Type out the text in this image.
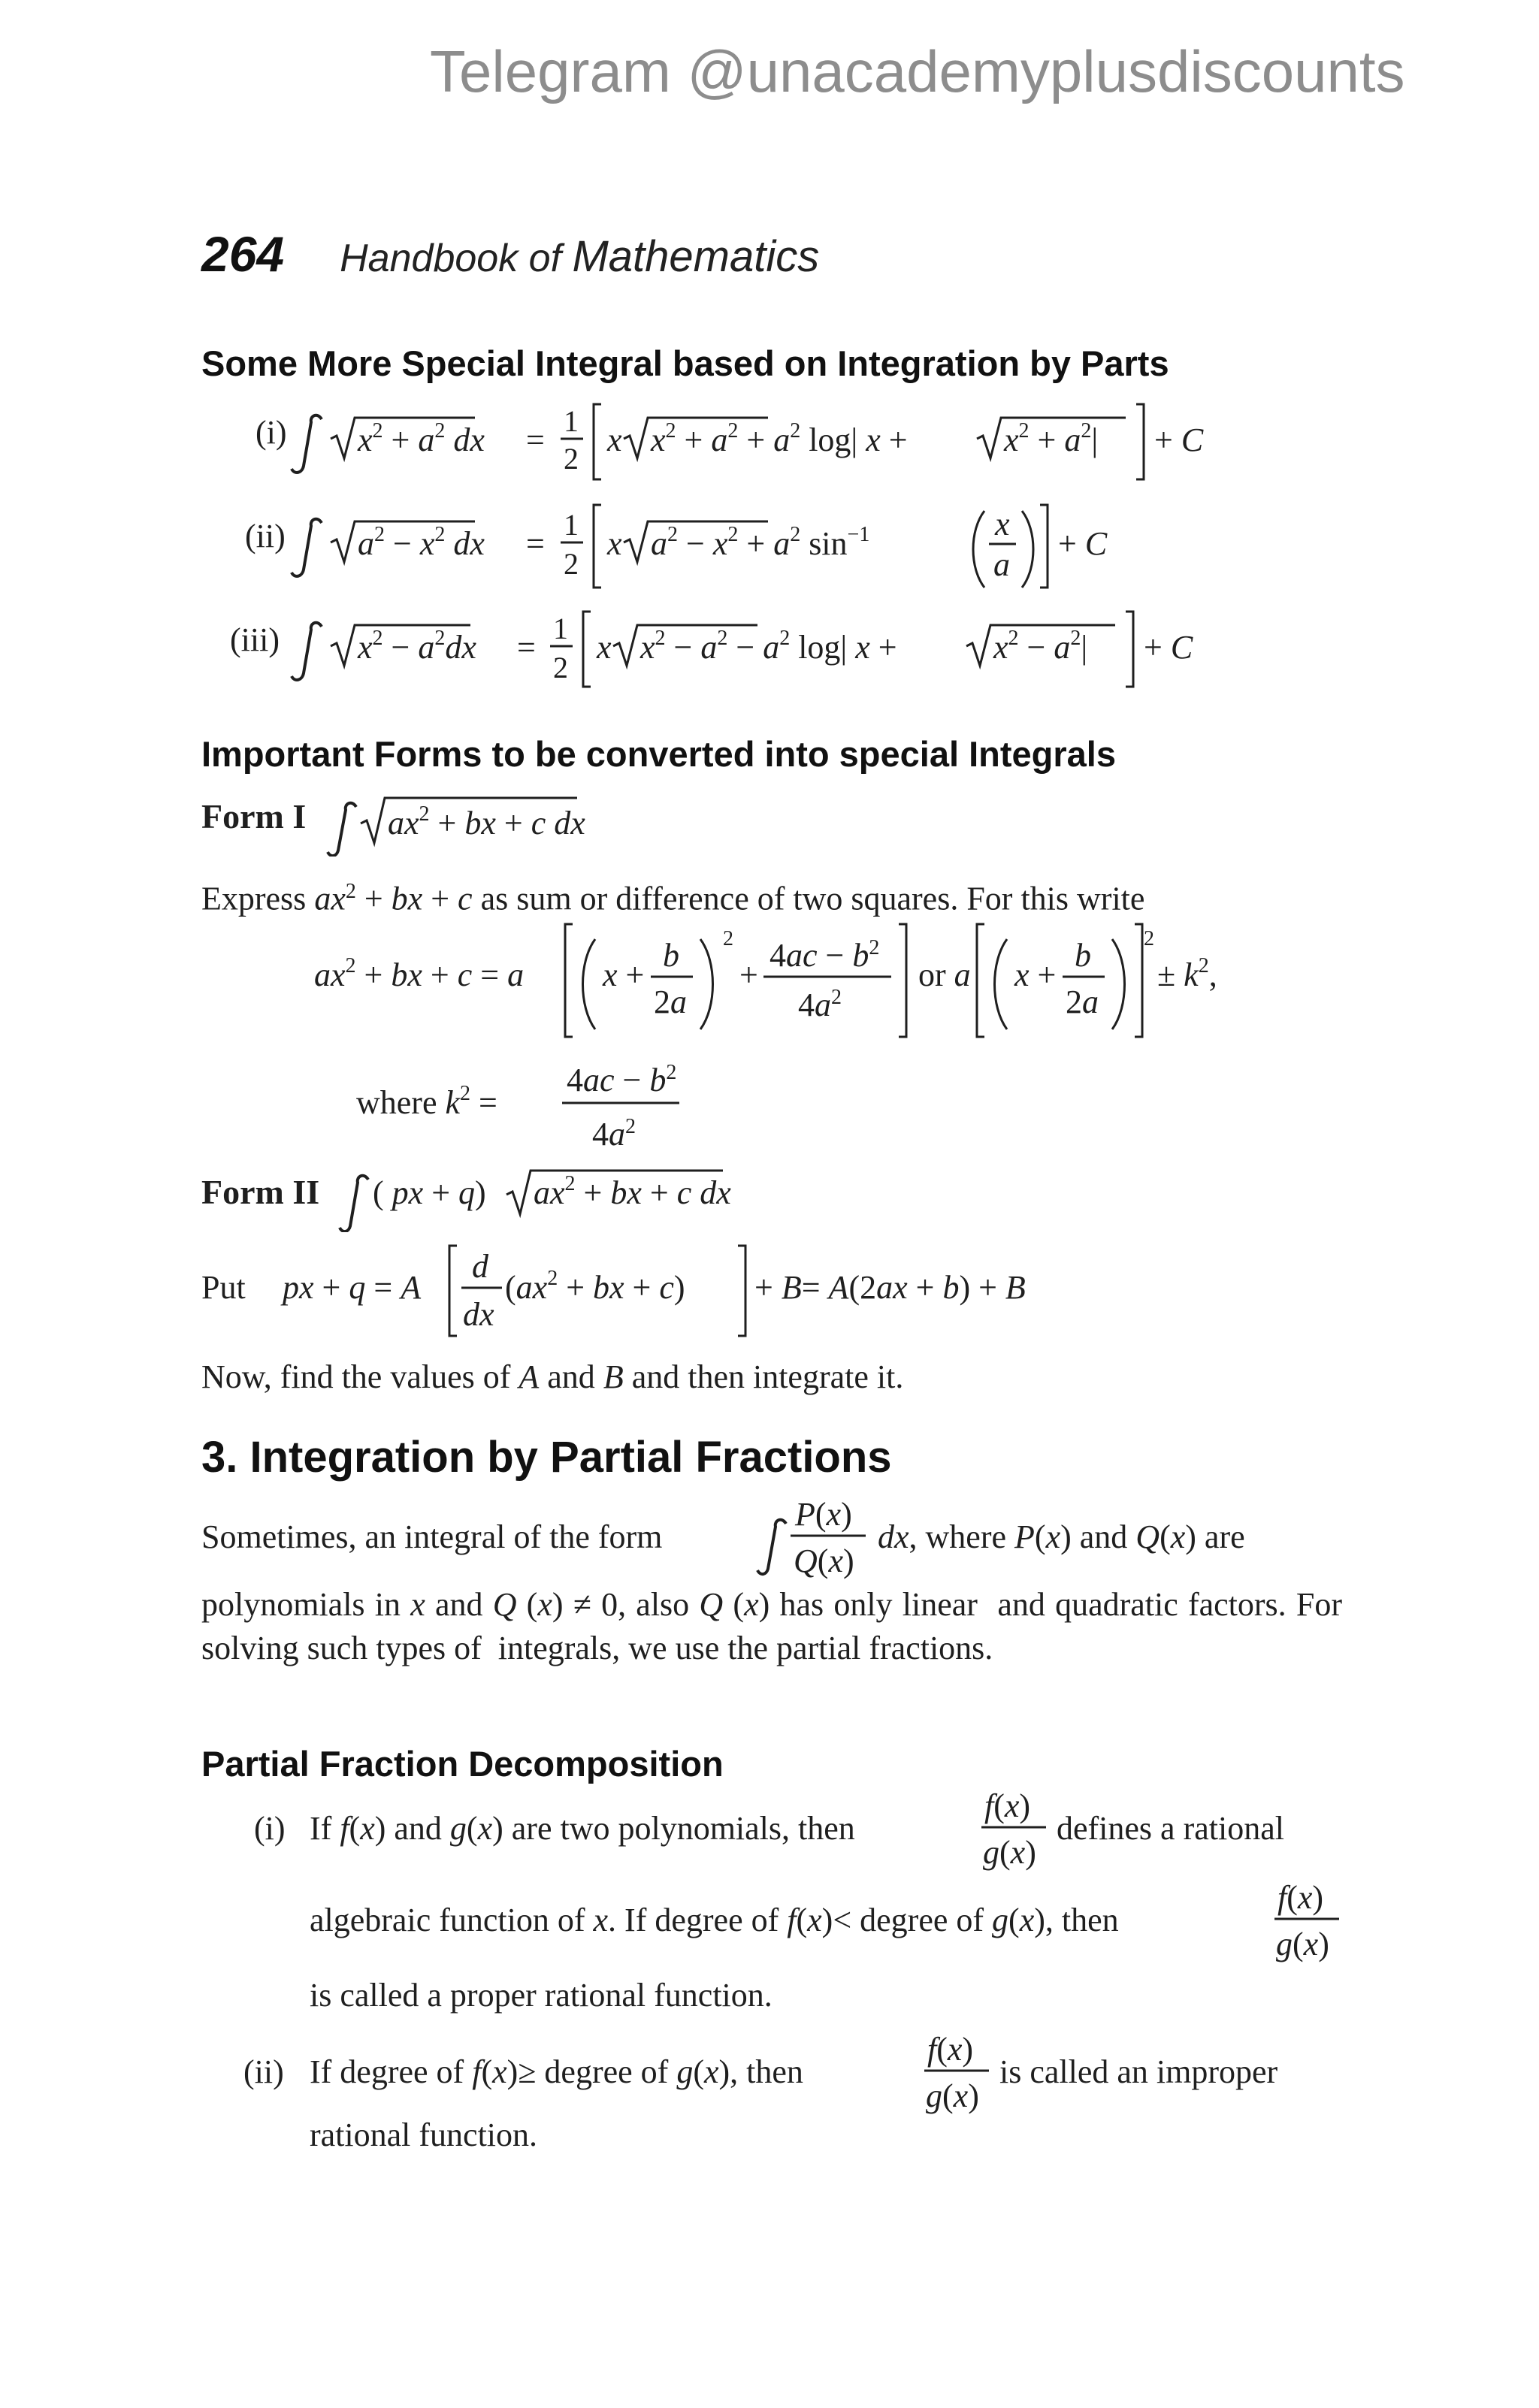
Telegram @unacademyplusdiscounts
264 Handbook of Mathematics
Some More Special Integral based on Integration by Parts
(i) $x^2 + a^2$ dx =
1
2
x $x^2 + a^2 + a^2$ log| x +	$x^2 + a^2| + C$
(ii) $a^2 - x^2$ dx =
1
2
x $a^2 - x^2 + a^2$ $\sin^{-1}$	x
a
+ C
(iii) $x^2 - a^2dx$ =
1
2
x $x^2 - a^2 - a^2$ log| x +	$x^2 - a^2| + C$
Important Forms to be converted into special Integrals
Form I $ax^2$ + bx + c dx
Express $ax^2$ + bx + c as sum or difference of two squares. For this write
$ax^2$ + bx + c = a x +
b
2a
2
+
$4ac - b^2$
$4a^2$
or a x +
b
2a
2
± $k^2$,
where $k^2$ =
$4ac - b^2$
$4a^2$
Form II ( px + q) $ax^2$ + bx + c dx
Put px + q = A
d
dx
($ax^2$ + bx + c) + B= A(2ax + b) + B
Now, find the values of A and B and then integrate it.
3. Integration by Partial Fractions
Sometimes, an integral of the form
P(x)
Q(x)
dx, where P(x) and Q(x) are
polynomials in x and Q (x) ≠ 0, also Q (x) has only linear  and quadratic factors. For solving such types of  integrals, we use the partial fractions.
Partial Fraction Decomposition
(i) If f(x) and g(x) are two polynomials, then
f(x)
g(x)
defines a rational
algebraic function of x. If degree of f(x)< degree of g(x), then
f(x)
g(x)
is called a proper rational function.
(ii) If degree of f(x)≥ degree of g(x), then
f(x)
g(x)
is called an improper
rational function.
